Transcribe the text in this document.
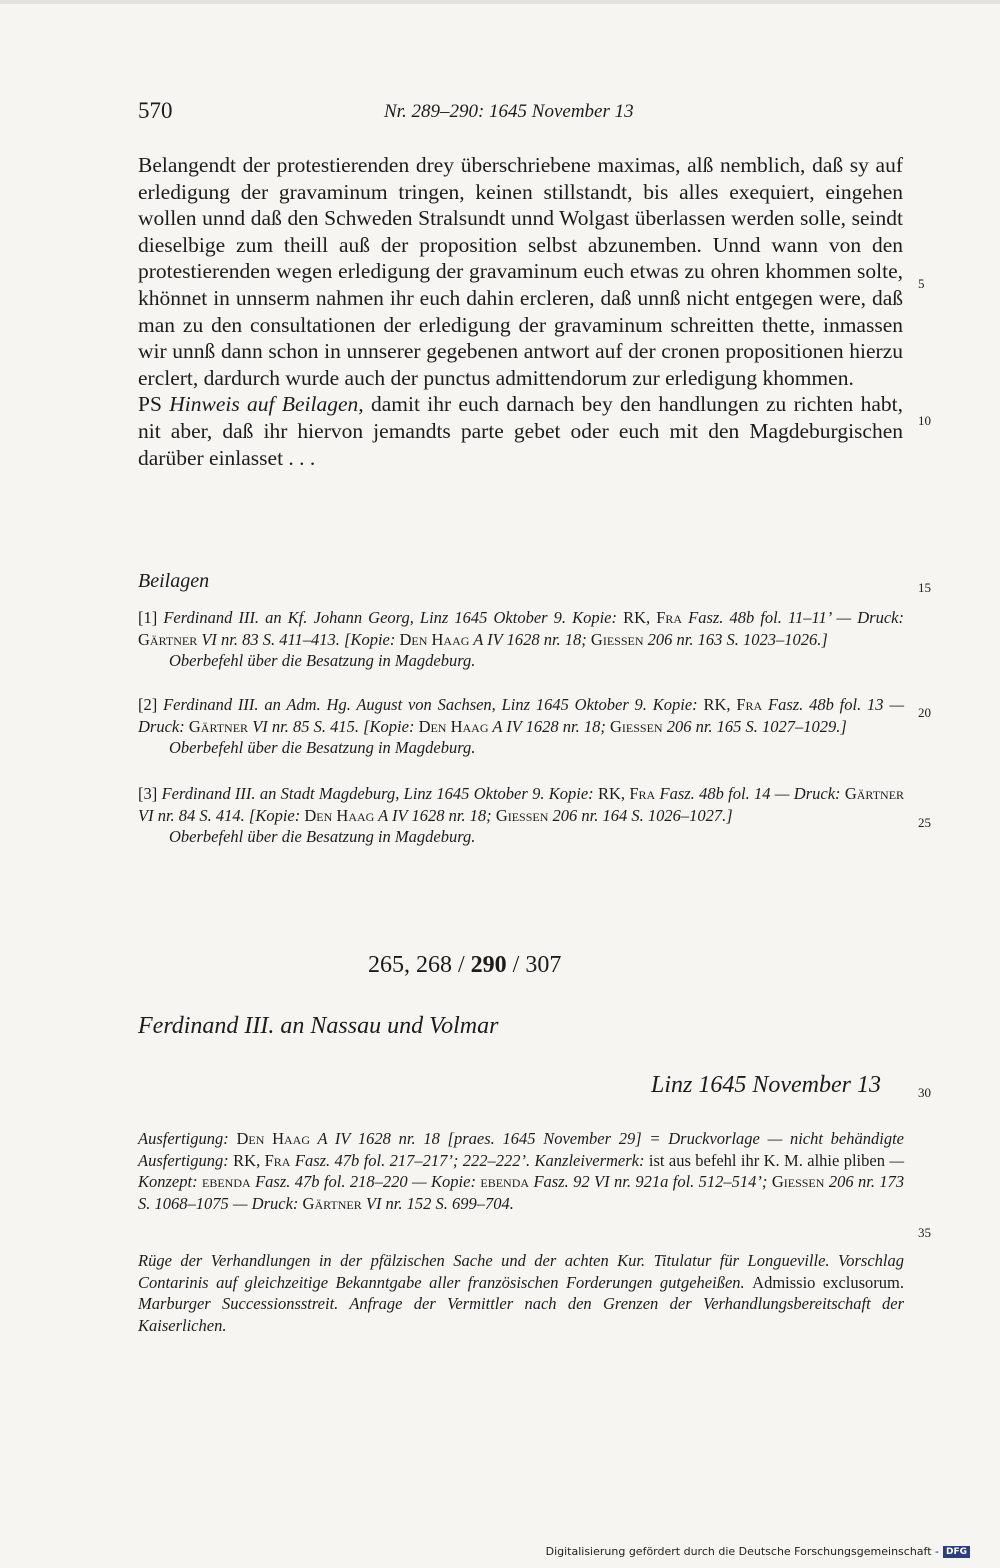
570	Nr. 289–290: 1645 November 13

Belangendt der protestierenden drey überschriebene maximas, alß nemblich, daß sy auf erledigung der gravaminum tringen, keinen stillstandt, bis alles exequiert, eingehen wollen unnd daß den Schweden Stralsundt unnd Wolgast überlassen werden solle, seindt dieselbige zum theill auß der proposition selbst abzunemben. Unnd wann von den protestierenden wegen erledigung der gravaminum euch etwas zu ohren khommen solte, khönnet in unnserm nahmen ihr euch dahin ercleren, daß unnß nicht entgegen were, daß man zu den consultationen der erledigung der gravaminum schreitten thette, inmassen wir unnß dann schon in unnserer gegebenen antwort auf der cronen propositionen hierzu erclert, dardurch wurde auch der punctus admittendorum zur erledigung khommen.

PS Hinweis auf Beilagen, damit ihr euch darnach bey den handlungen zu richten habt, nit aber, daß ihr hiervon jemandts parte gebet oder euch mit den Magdeburgischen darüber einlasset . . .

5
10
15
20
25
30
35
Beilagen
[1] Ferdinand III. an Kf. Johann Georg, Linz 1645 Oktober 9. Kopie: RK, Fra Fasz. 48b fol. 11–11’ — Druck: Gärtner VI nr. 83 S. 411–413. [Kopie: Den Haag A IV 1628 nr. 18; Giessen 206 nr. 163 S. 1023–1026.]
Oberbefehl über die Besatzung in Magdeburg.
[2] Ferdinand III. an Adm. Hg. August von Sachsen, Linz 1645 Oktober 9. Kopie: RK, Fra Fasz. 48b fol. 13 — Druck: Gärtner VI nr. 85 S. 415. [Kopie: Den Haag A IV 1628 nr. 18; Giessen 206 nr. 165 S. 1027–1029.]
Oberbefehl über die Besatzung in Magdeburg.
[3] Ferdinand III. an Stadt Magdeburg, Linz 1645 Oktober 9. Kopie: RK, Fra Fasz. 48b fol. 14 — Druck: Gärtner VI nr. 84 S. 414. [Kopie: Den Haag A IV 1628 nr. 18; Giessen 206 nr. 164 S. 1026–1027.]
Oberbefehl über die Besatzung in Magdeburg.
265, 268 / 290 / 307
Ferdinand III. an Nassau und Volmar
Linz 1645 November 13
Ausfertigung: Den Haag A IV 1628 nr. 18 [praes. 1645 November 29] = Druckvorlage — nicht behändigte Ausfertigung: RK, Fra Fasz. 47b fol. 217–217’; 222–222’. Kanzleivermerk: ist aus befehl ihr K. M. alhie pliben — Konzept: ebenda Fasz. 47b fol. 218–220 — Kopie: ebenda Fasz. 92 VI nr. 921a fol. 512–514’; Giessen 206 nr. 173 S. 1068–1075 — Druck: Gärtner VI nr. 152 S. 699–704.
Rüge der Verhandlungen in der pfälzischen Sache und der achten Kur. Titulatur für Longueville. Vorschlag Contarinis auf gleichzeitige Bekanntgabe aller französischen Forderungen gutgeheißen. Admissio exclusorum. Marburger Successionsstreit. Anfrage der Vermittler nach den Grenzen der Verhandlungsbereitschaft der Kaiserlichen.
Digitalisierung gefördert durch die Deutsche Forschungsgemeinschaft - DFG
